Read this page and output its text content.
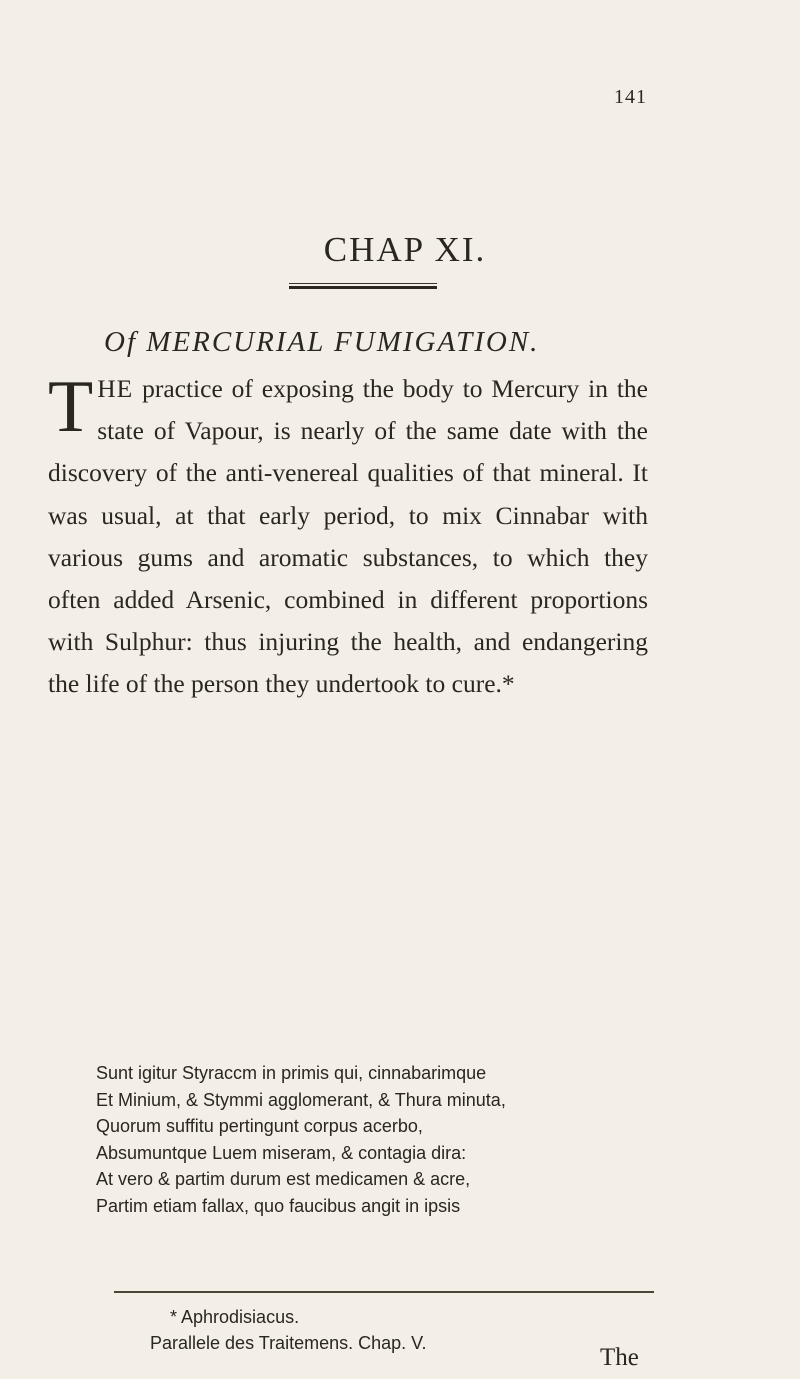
141
CHAP XI.
Of MERCURIAL FUMIGATION.
THE practice of exposing the body to Mercury in the state of Vapour, is nearly of the same date with the discovery of the anti-venereal qualities of that mineral. It was usual, at that early period, to mix Cinnabar with various gums and aromatic substances, to which they often added Arsenic, combined in different proportions with Sulphur: thus injuring the health, and endangering the life of the person they undertook to cure.*
Sunt igitur Styraccm in primis qui, cinnabarimque
Et Minium, & Stymmi agglomerant, & Thura minuta,
Quorum suffitu pertingunt corpus acerbo,
Absumuntque Luem miseram, & contagia dira:
At vero & partim durum est medicamen & acre,
Partim etiam fallax, quo faucibus angit in ipsis
* Aphrodisiacus.
Parallele des Traitemens. Chap. V.
The
